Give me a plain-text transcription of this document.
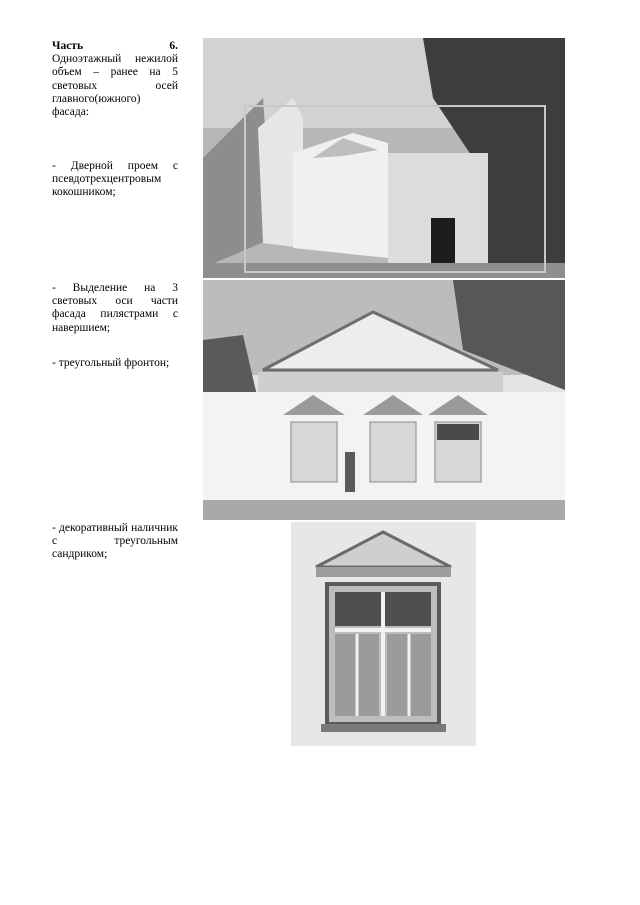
Часть	6.

Одноэтажный нежилой объем – ранее на 5 световых осей главного(южного) фасада:

- Дверной проем с псевдотрехцентровым кокошником;

- Выделение на 3 световых оси части фасада пилястрами с навершием;

- треугольный фронтон;

- декоративный наличник с треугольным сандриком;
